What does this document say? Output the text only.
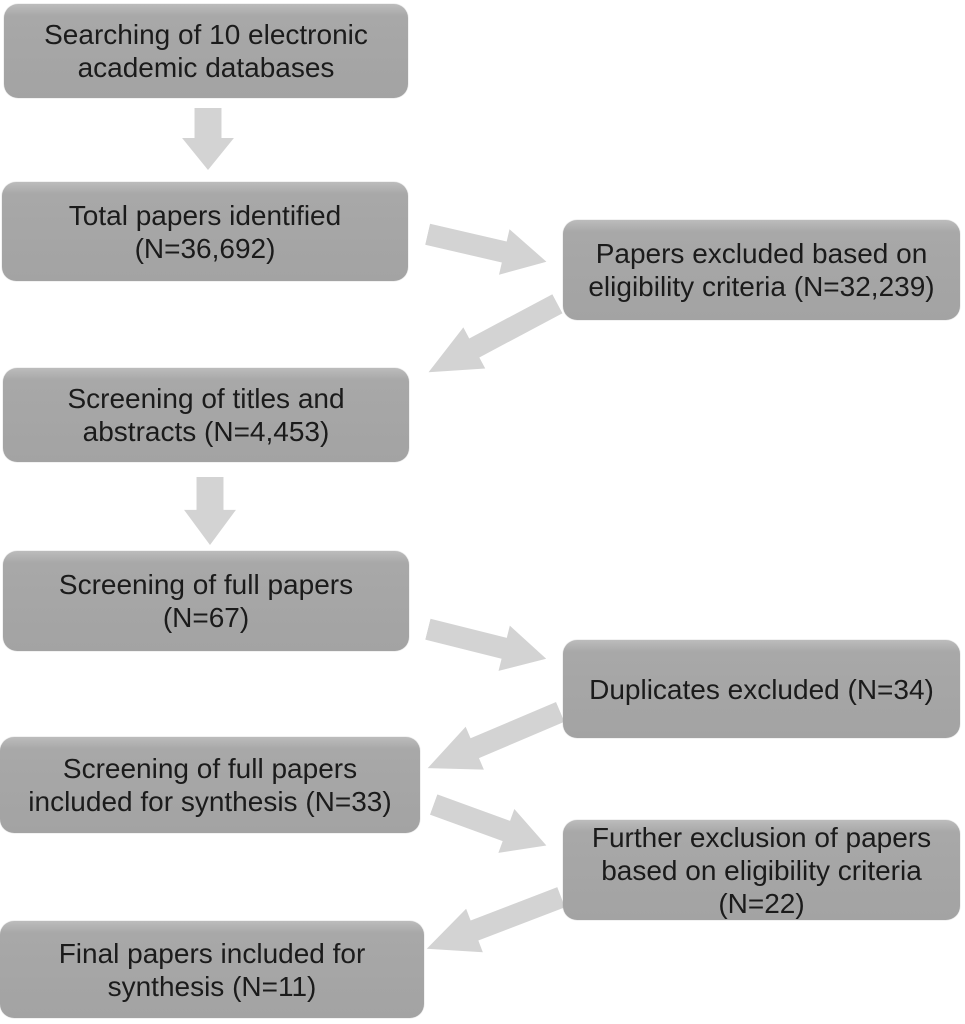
Searching of 10 electronic academic databases
Total papers identified (N=36,692)	Papers excluded based on eligibility criteria (N=32,239)
Screening of titles and abstracts (N=4,453)
Screening of full papers (N=67)
Duplicates excluded (N=34)
Screening of full papers included for synthesis (N=33)
Further exclusion of papers based on eligibility criteria (N=22)
Final papers included for synthesis (N=11)
